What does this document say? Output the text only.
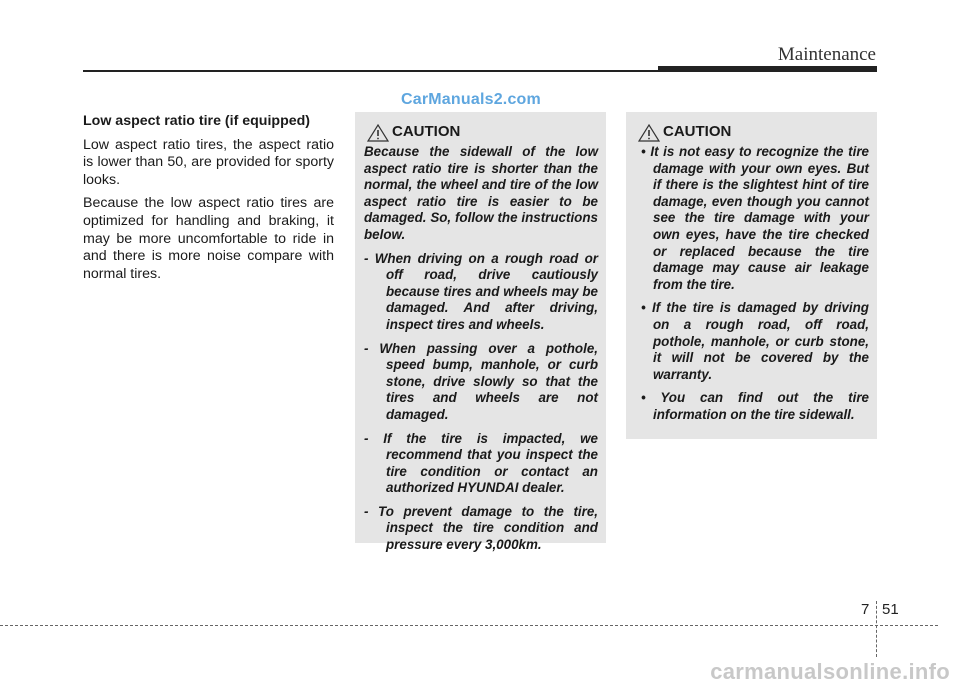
Maintenance
CarManuals2.com
Low aspect ratio tire (if equipped)

Low aspect ratio tires, the aspect ratio is lower than 50, are provided for sporty looks.

Because the low aspect ratio tires are optimized for handling and braking, it may be more uncomfortable to ride in and there is more noise compare with normal tires.

CAUTION

Because the sidewall of the low aspect ratio tire is shorter than the normal, the wheel and tire of the low aspect ratio tire is easier to be damaged. So, follow the instructions below.

- When driving on a rough road or off road, drive cautiously because tires and wheels may be damaged. And after driving, inspect tires and wheels.
- When passing over a pothole, speed bump, manhole, or curb stone, drive slowly so that the tires and wheels are not damaged.
- If the tire is impacted, we recommend that you inspect the tire condition or contact an authorized HYUNDAI dealer.
- To prevent damage to the tire, inspect the tire condition and pressure every 3,000km.
CAUTION
• It is not easy to recognize the tire damage with your own eyes. But if there is the slightest hint of tire damage, even though you cannot see the tire damage with your own eyes, have the tire checked or replaced because the tire damage may cause air leakage from the tire.
• If the tire is damaged by driving on a rough road, off road, pothole, manhole, or curb stone, it will not be covered by the warranty.
• You can find out the tire information on the tire sidewall.
7 51
carmanualsonline.info
